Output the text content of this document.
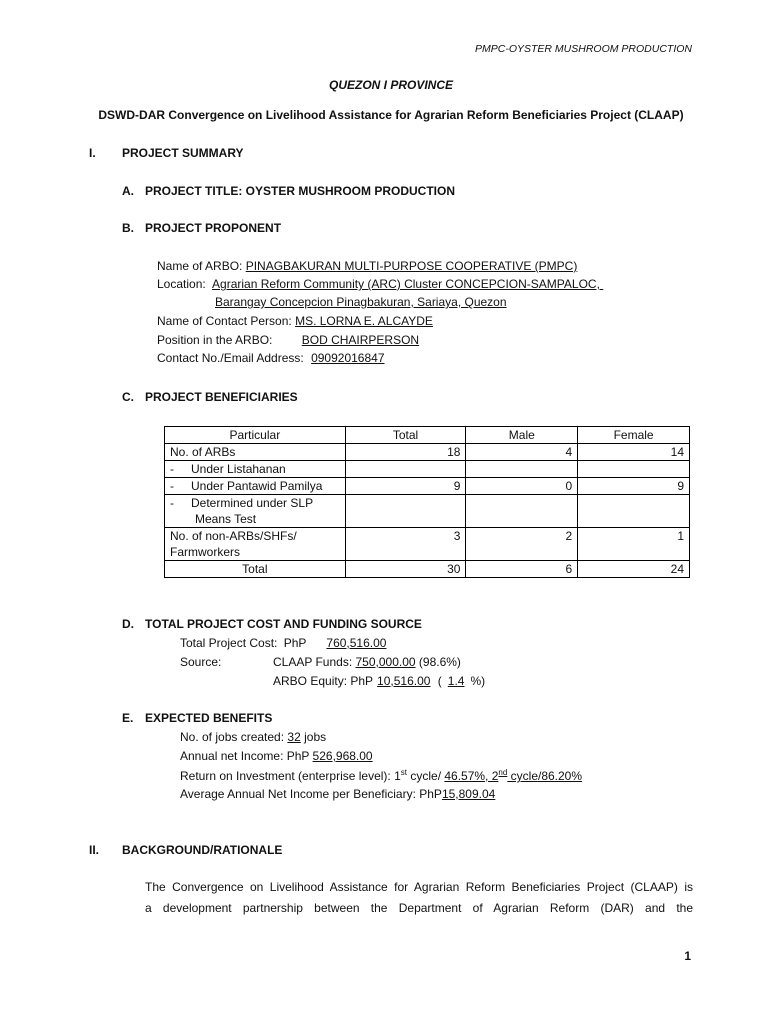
PMPC-OYSTER MUSHROOM PRODUCTION
QUEZON I PROVINCE
DSWD-DAR Convergence on Livelihood Assistance for Agrarian Reform Beneficiaries Project (CLAAP)
I. PROJECT SUMMARY
A. PROJECT TITLE: OYSTER MUSHROOM PRODUCTION
B. PROJECT PROPONENT
Name of ARBO: PINAGBAKURAN MULTI-PURPOSE COOPERATIVE (PMPC)
Location: Agrarian Reform Community (ARC) Cluster CONCEPCION-SAMPALOC,
Barangay Concepcion Pinagbakuran, Sariaya, Quezon
Name of Contact Person: MS. LORNA E. ALCAYDE
Position in the ARBO: BOD CHAIRPERSON
Contact No./Email Address: 09092016847
C. PROJECT BENEFICIARIES
Particular	Total	Male	Female
No. of ARBs	18	4	14
- Under Listahanan			
- Under Pantawid Pamilya	9	0	9
- Determined under SLP
Means Test			
No. of non-ARBs/SHFs/
Farmworkers	3	2	1
Total	30	6	24
D. TOTAL PROJECT COST AND FUNDING SOURCE
Total Project Cost: PhP 760,516.00
Source:	CLAAP Funds: 750,000.00 (98.6%)
ARBO Equity: PhP 10,516.00 ( 1.4 %)
E. EXPECTED BENEFITS
No. of jobs created: 32 jobs
Annual net Income: PhP 526,968.00
Return on Investment (enterprise level): 1st cycle/ 46.57%, 2nd cycle/86.20%
Average Annual Net Income per Beneficiary: PhP15,809.04
II. BACKGROUND/RATIONALE
The Convergence on Livelihood Assistance for Agrarian Reform Beneficiaries Project (CLAAP) is
a development partnership between the Department of Agrarian Reform (DAR) and the
1
